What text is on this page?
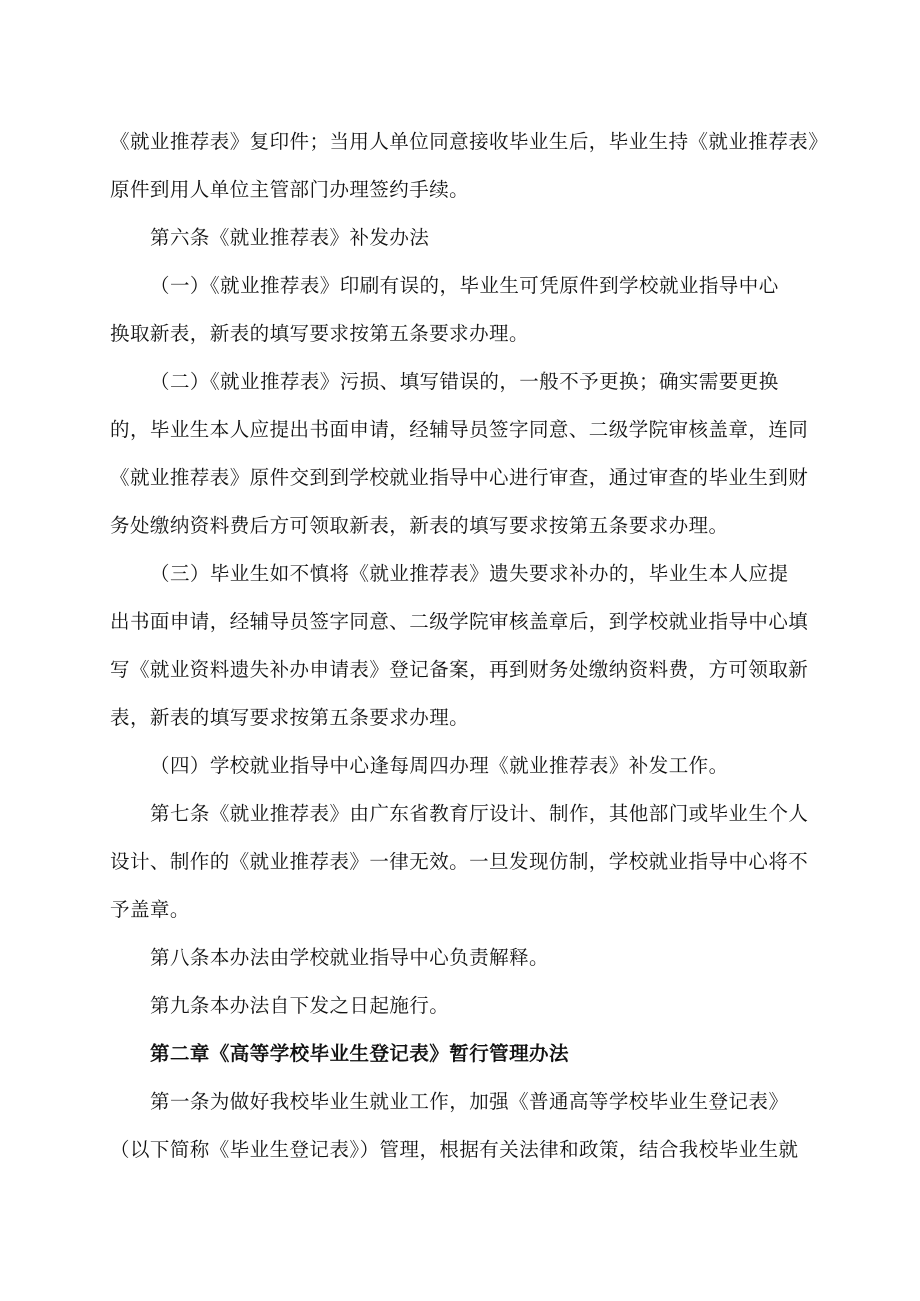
《就业推荐表》复印件；当用人单位同意接收毕业生后，毕业生持《就业推荐表》
原件到用人单位主管部门办理签约手续。
第六条《就业推荐表》补发办法
（一）《就业推荐表》印刷有误的，毕业生可凭原件到学校就业指导中心
换取新表，新表的填写要求按第五条要求办理。
（二）《就业推荐表》污损、填写错误的，一般不予更换；确实需要更换
的，毕业生本人应提出书面申请，经辅导员签字同意、二级学院审核盖章，连同
《就业推荐表》原件交到到学校就业指导中心进行审查，通过审查的毕业生到财
务处缴纳资料费后方可领取新表，新表的填写要求按第五条要求办理。
（三）毕业生如不慎将《就业推荐表》遗失要求补办的，毕业生本人应提
出书面申请，经辅导员签字同意、二级学院审核盖章后，到学校就业指导中心填
写《就业资料遗失补办申请表》登记备案，再到财务处缴纳资料费，方可领取新
表，新表的填写要求按第五条要求办理。
（四）学校就业指导中心逢每周四办理《就业推荐表》补发工作。
第七条《就业推荐表》由广东省教育厅设计、制作，其他部门或毕业生个人
设计、制作的《就业推荐表》一律无效。一旦发现仿制，学校就业指导中心将不
予盖章。
第八条本办法由学校就业指导中心负责解释。
第九条本办法自下发之日起施行。
第二章《高等学校毕业生登记表》暂行管理办法
第一条为做好我校毕业生就业工作，加强《普通高等学校毕业生登记表》
（以下简称《毕业生登记表》）管理，根据有关法律和政策，结合我校毕业生就
